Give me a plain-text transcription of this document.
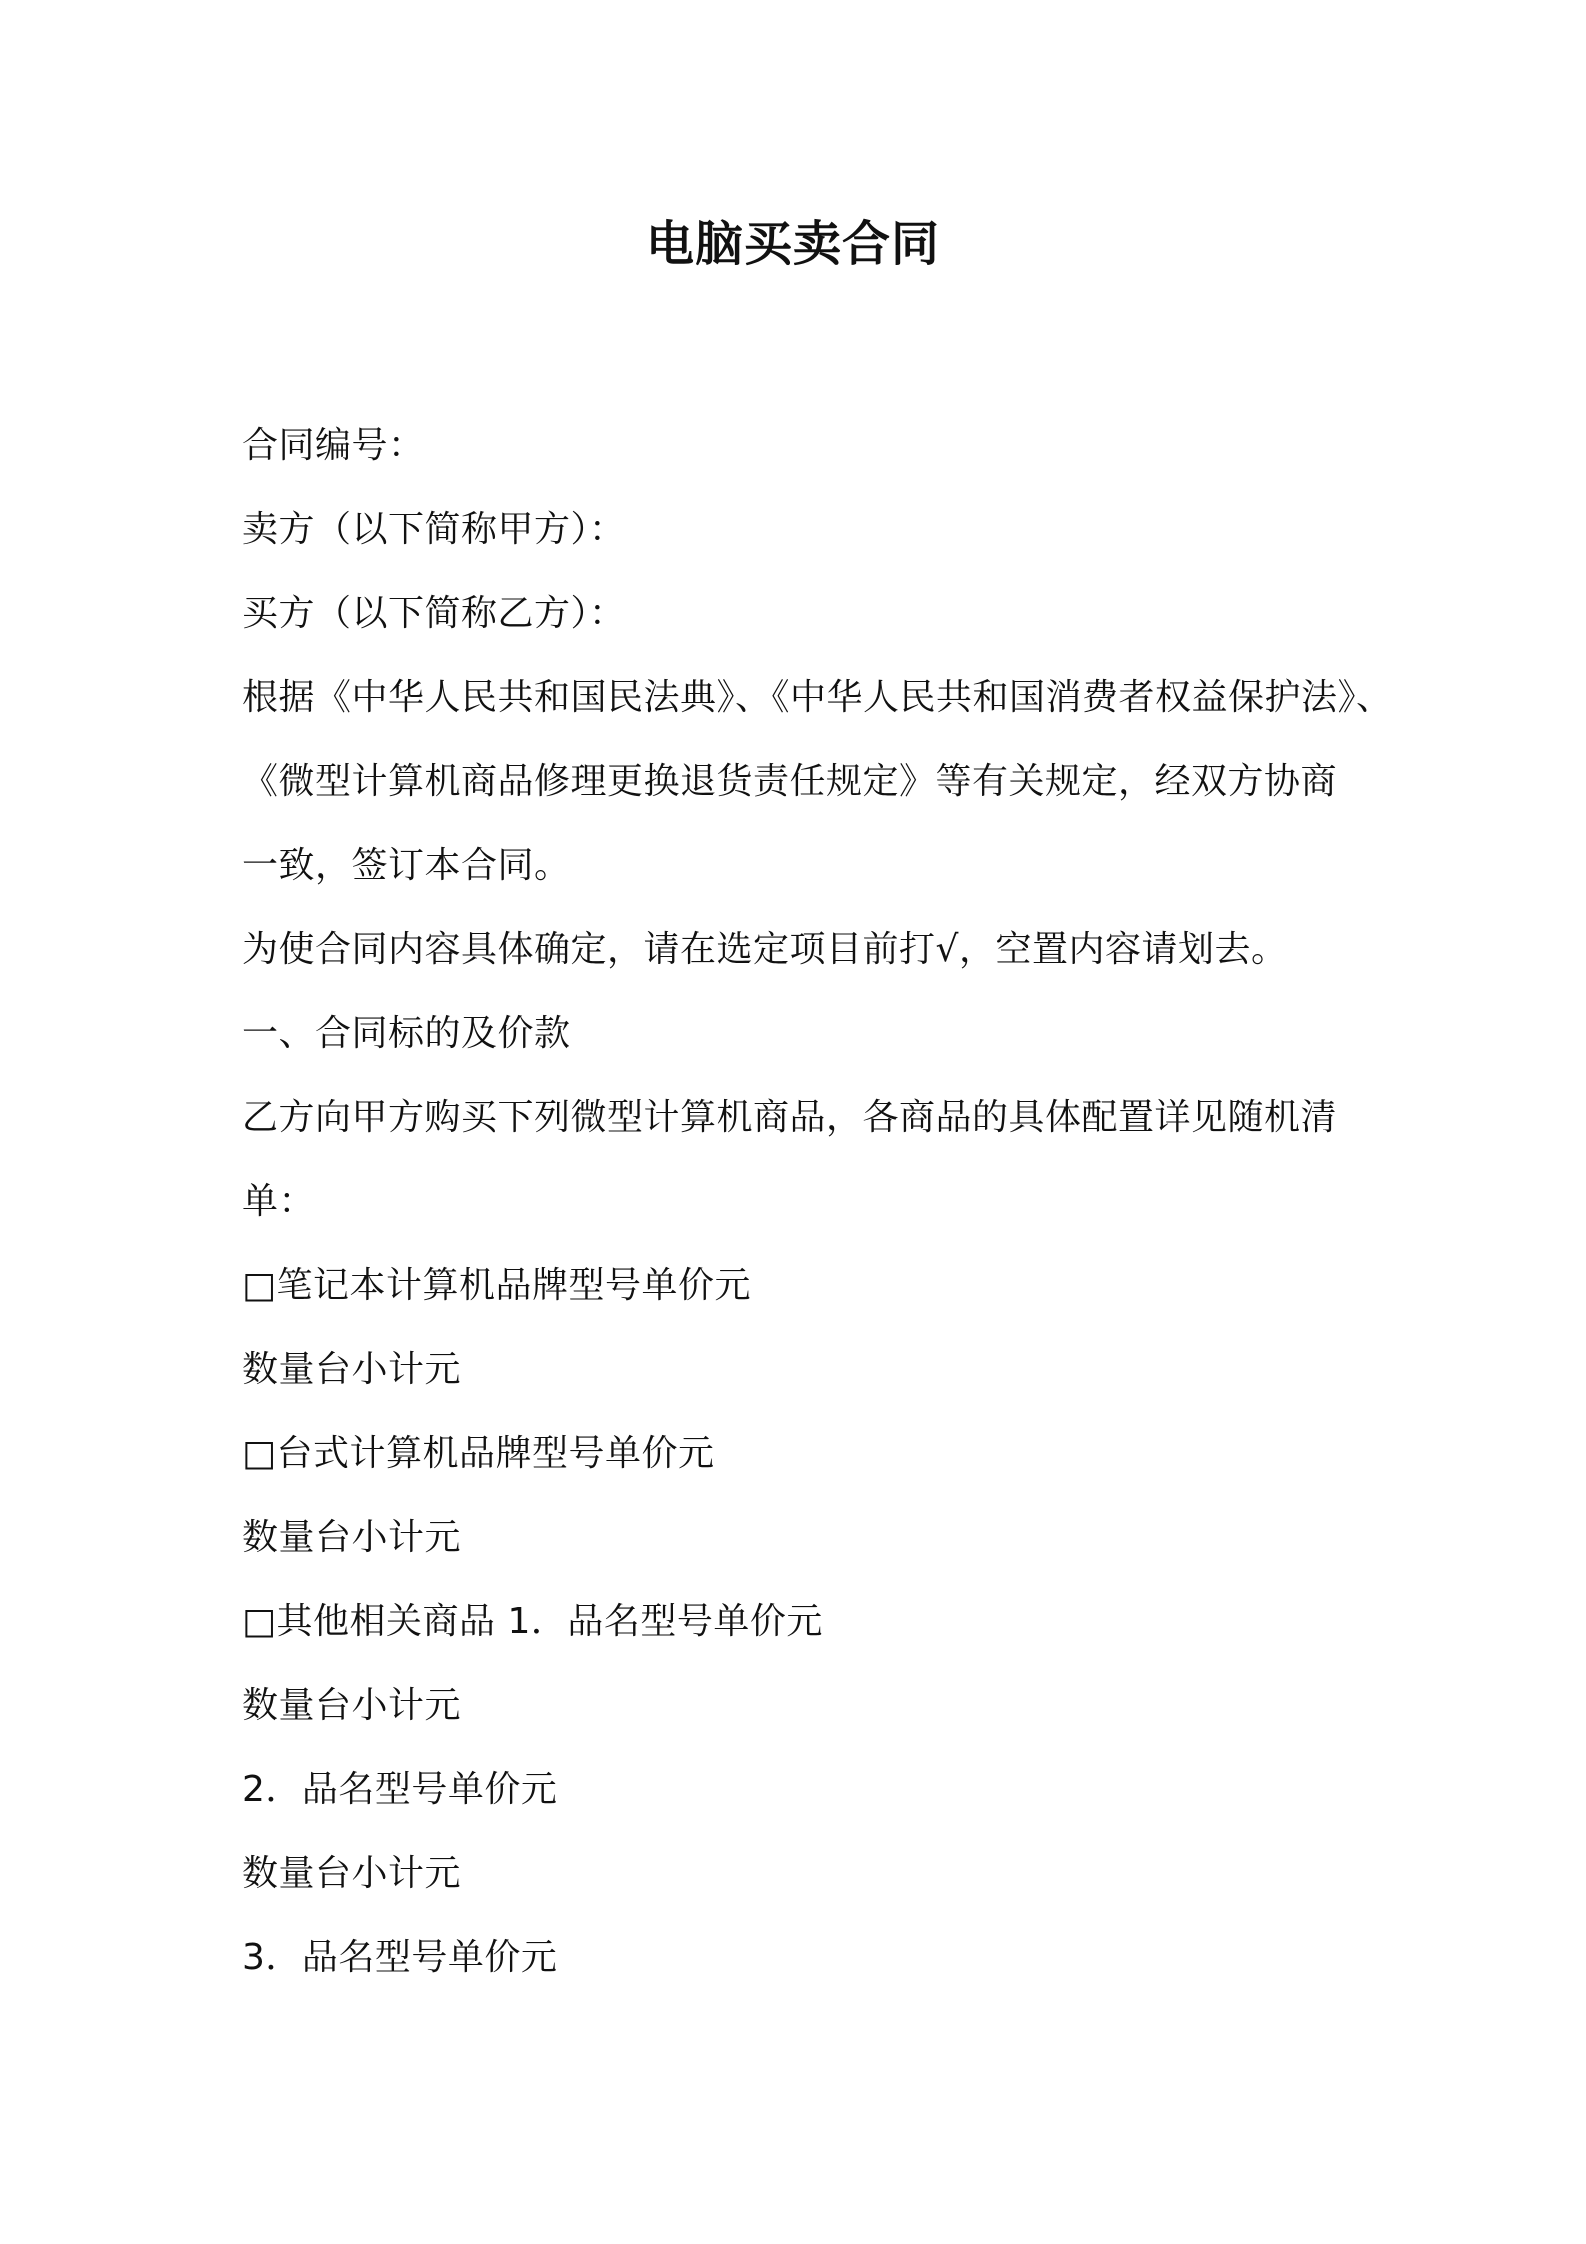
电脑买卖合同
合同编号：
卖方（以下简称甲方）：
买方（以下简称乙方）：
根据《中华人民共和国民法典》、《中华人民共和国消费者权益保护法》、
《微型计算机商品修理更换退货责任规定》等有关规定，经双方协商
一致，签订本合同。
为使合同内容具体确定，请在选定项目前打√，空置内容请划去。
一、合同标的及价款
乙方向甲方购买下列微型计算机商品，各商品的具体配置详见随机清
单：
□笔记本计算机品牌型号单价元
数量台小计元
□台式计算机品牌型号单价元
数量台小计元
□其他相关商品 1．品名型号单价元
数量台小计元
2．品名型号单价元
数量台小计元
3．品名型号单价元
